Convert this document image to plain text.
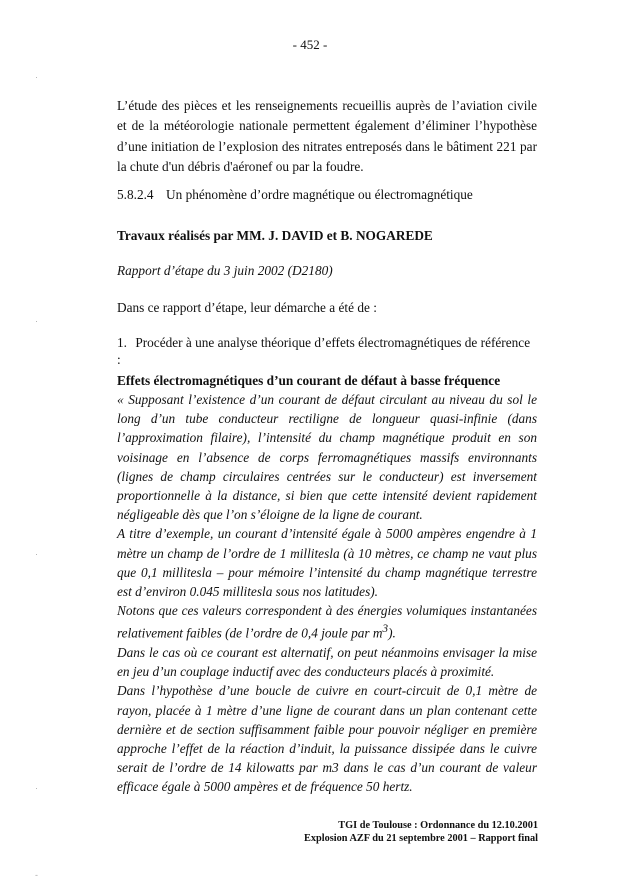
- 452 -

L’étude des pièces et les renseignements recueillis auprès de l’aviation civile et de la météorologie nationale permettent également d’éliminer l’hypothèse d’une initiation de l’explosion des nitrates entreposés dans le bâtiment 221 par la chute d'un débris d'aéronef ou par la foudre.

5.8.2.4 Un phénomène d’ordre magnétique ou électromagnétique
Travaux réalisés par MM. J. DAVID et B. NOGAREDE
Rapport d’étape du 3 juin 2002 (D2180)
Dans ce rapport d’étape, leur démarche a été de :
1. Procéder à une analyse théorique d’effets électromagnétiques de référence :
Effets électromagnétiques d’un courant de défaut à basse fréquence

« Supposant l’existence d’un courant de défaut circulant au niveau du sol le long d’un tube conducteur rectiligne de longueur quasi-infinie (dans l’approximation filaire), l’intensité du champ magnétique produit en son voisinage en l’absence de corps ferromagnétiques massifs environnants (lignes de champ circulaires centrées sur le conducteur) est inversement proportionnelle à la distance, si bien que cette intensité devient rapidement négligeable dès que l’on s’éloigne de la ligne de courant.

A titre d’exemple, un courant d’intensité égale à 5000 ampères engendre à 1 mètre un champ de l’ordre de 1 millitesla (à 10 mètres, ce champ ne vaut plus que 0,1 millitesla – pour mémoire l’intensité du champ magnétique terrestre est d’environ 0.045 millitesla sous nos latitudes).

Notons que ces valeurs correspondent à des énergies volumiques instantanées relativement faibles (de l’ordre de 0,4 joule par $m^3$).

Dans le cas où ce courant est alternatif, on peut néanmoins envisager la mise en jeu d’un couplage inductif avec des conducteurs placés à proximité.

Dans l’hypothèse d’une boucle de cuivre en court-circuit de 0,1 mètre de rayon, placée à 1 mètre d’une ligne de courant dans un plan contenant cette dernière et de section suffisamment faible pour pouvoir négliger en première approche l’effet de la réaction d’induit, la puissance dissipée dans le cuivre serait de l’ordre de 14 kilowatts par m3 dans le cas d’un courant de valeur efficace égale à 5000 ampères et de fréquence 50 hertz.

TGI de Toulouse : Ordonnance du 12.10.2001
Explosion AZF du 21 septembre 2001 – Rapport final
·
·
·
·
-
